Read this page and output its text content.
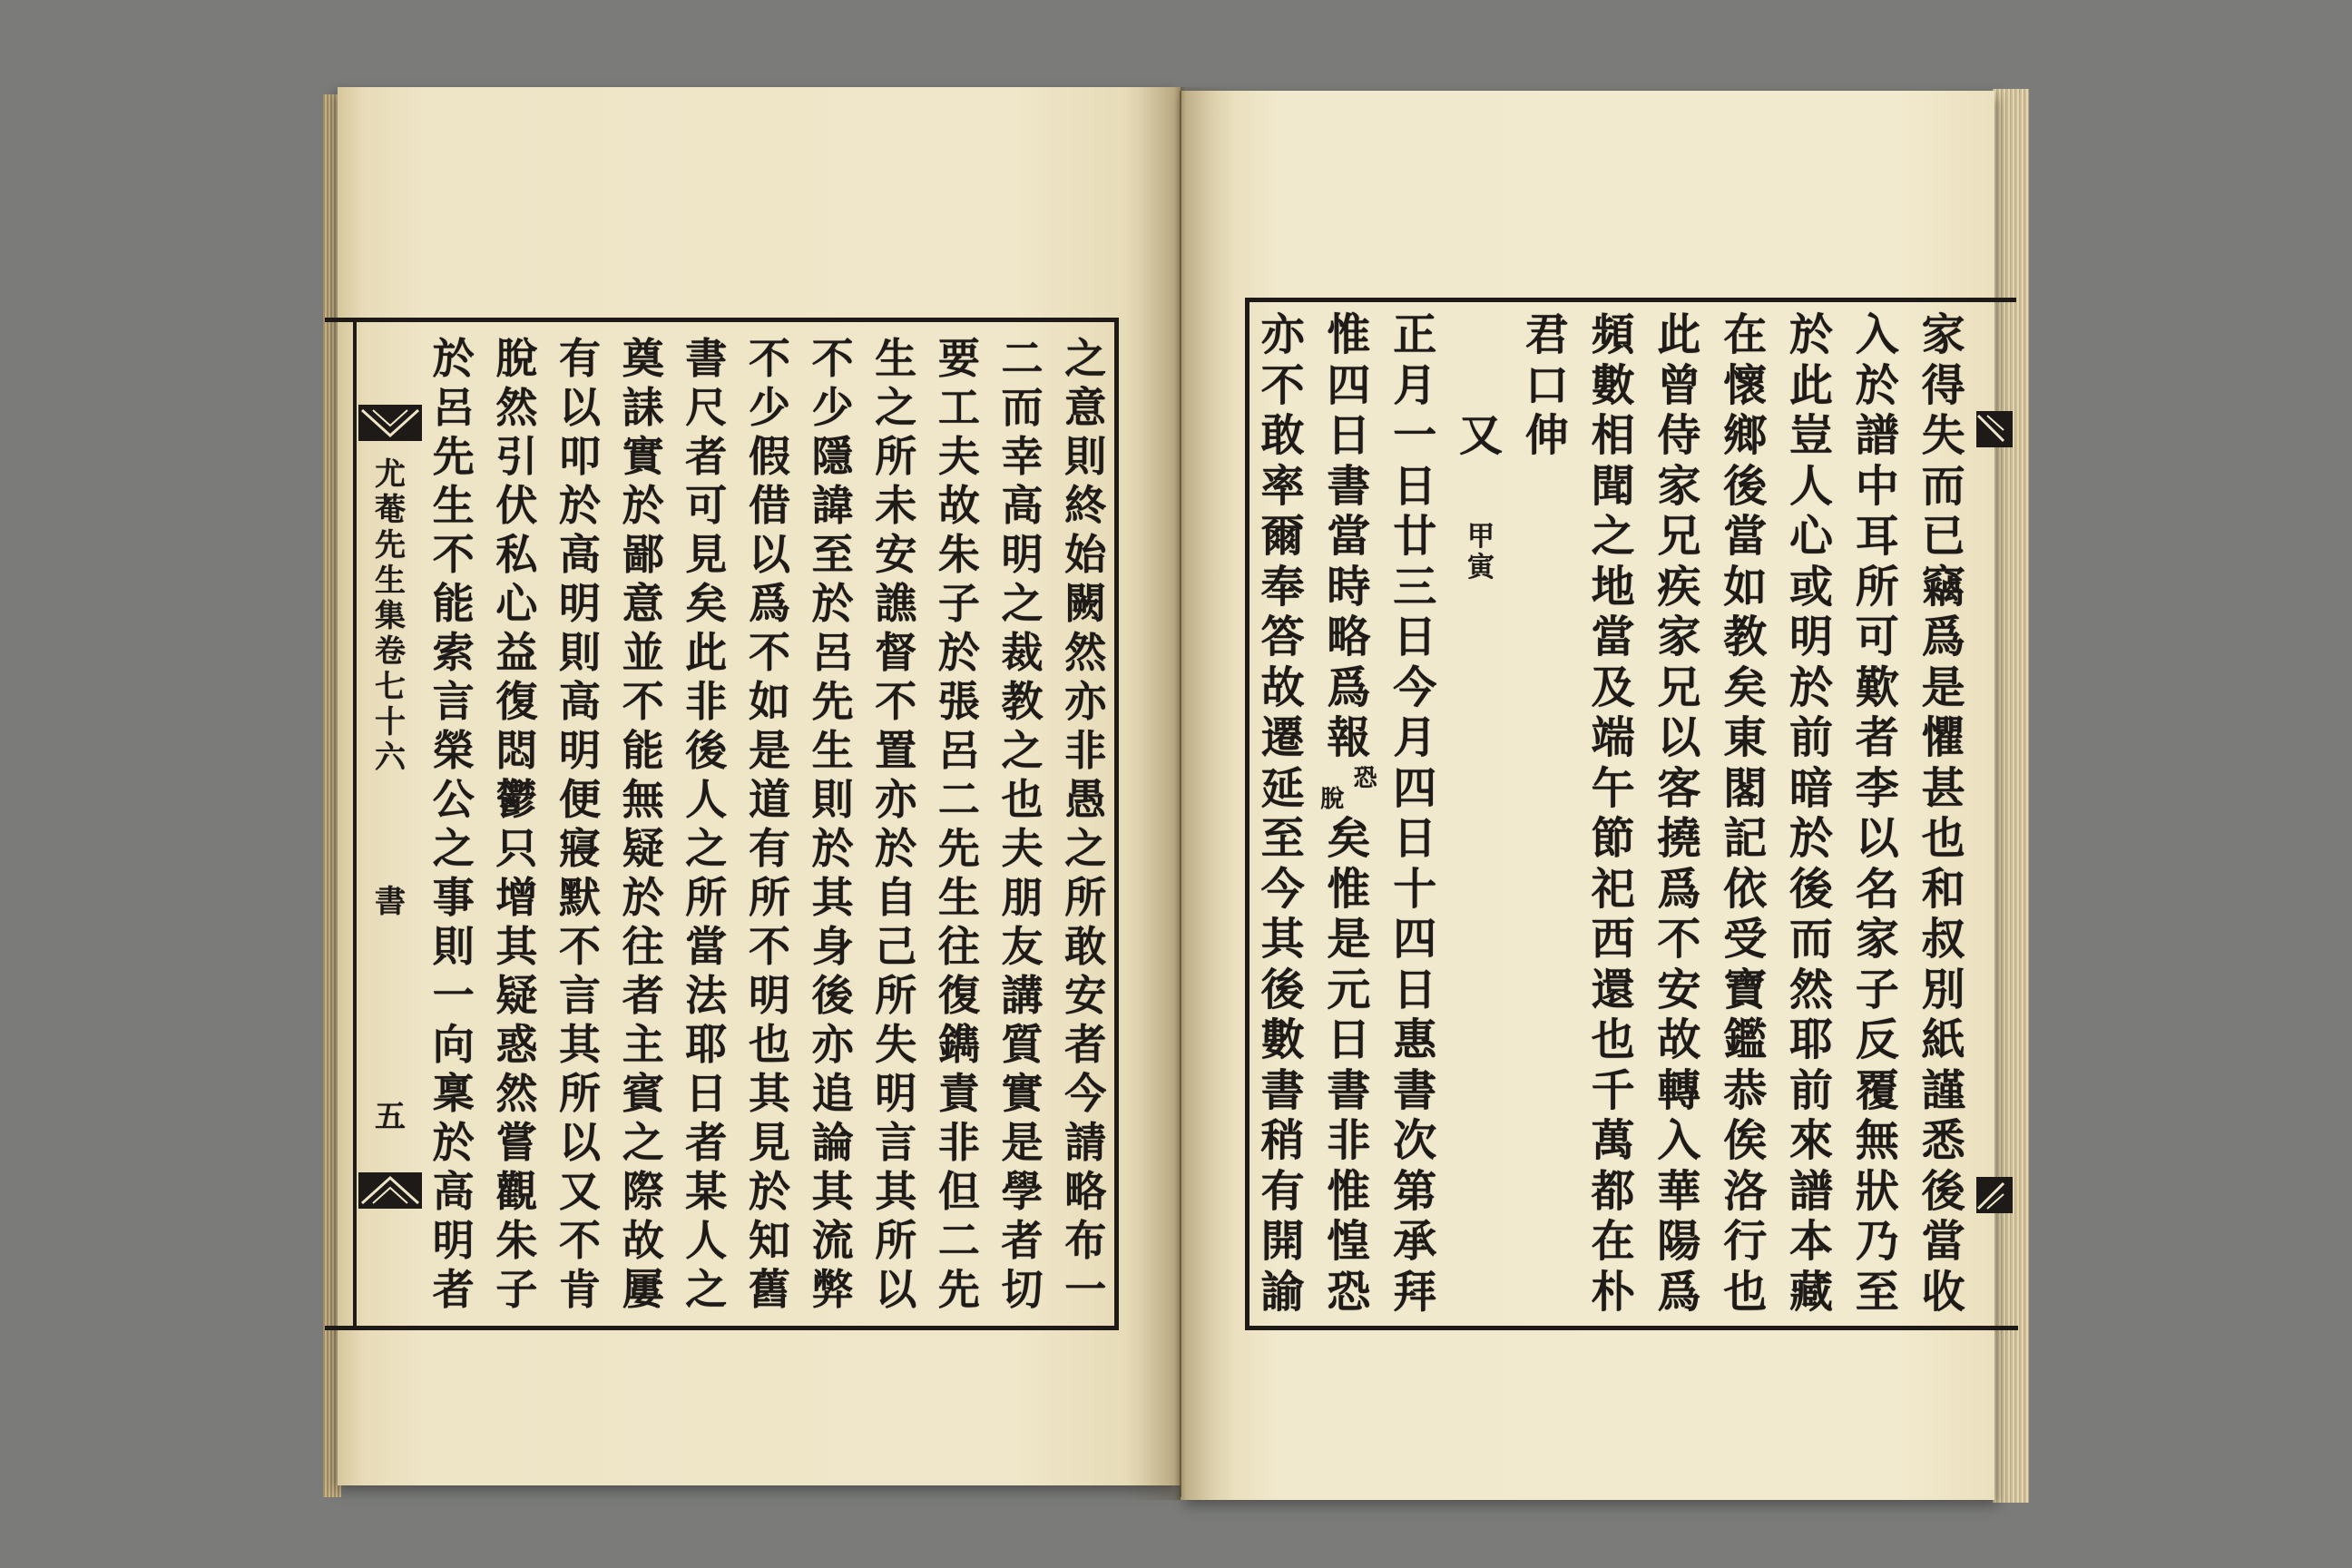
尤
菴
先
生
集
卷
七
十
六
書
五
之
意
則
終
始
闕
然
亦
非
愚
之
所
敢
安
者
今
請
略
布
一
二
而
幸
高
明
之
裁
教
之
也
夫
朋
友
講
質
實
是
學
者
切
要
工
夫
故
朱
子
於
張
呂
二
先
生
往
復
鐫
責
非
但
二
先
生
之
所
未
安
譙
督
不
置
亦
於
自
己
所
失
明
言
其
所
以
不
少
隱
諱
至
於
呂
先
生
則
於
其
身
後
亦
追
論
其
流
弊
不
少
假
借
以
爲
不
如
是
道
有
所
不
明
也
其
見
於
知
舊
書
尺
者
可
見
矣
此
非
後
人
之
所
當
法
耶
日
者
某
人
之
奠
誄
實
於
鄙
意
並
不
能
無
疑
於
往
者
主
賓
之
際
故
屢
有
以
叩
於
高
明
則
高
明
便
寢
默
不
言
其
所
以
又
不
肯
脫
然
引
伏
私
心
益
復
悶
鬱
只
增
其
疑
惑
然
嘗
觀
朱
子
於
呂
先
生
不
能
索
言
榮
公
之
事
則
一
向
稟
於
高
明
者
家
得
失
而
已
竊
爲
是
懼
甚
也
和
叔
別
紙
謹
悉
後
當
收
入
於
譜
中
耳
所
可
歎
者
李
以
名
家
子
反
覆
無
狀
乃
至
於
此
豈
人
心
或
明
於
前
暗
於
後
而
然
耶
前
來
譜
本
藏
在
懷
鄉
後
當
如
教
矣
東
閣
記
依
受
寶
鑑
恭
俟
洛
行
也
此
曾
侍
家
兄
疾
家
兄
以
客
撓
爲
不
安
故
轉
入
華
陽
爲
頻
數
相
聞
之
地
當
及
端
午
節
祀
西
還
也
千
萬
都
在
朴
君
口
伸
又
甲
寅
正
月
一
日
廿
三
日
今
月
四
日
十
四
日
惠
書
次
第
承
拜
惟
四
日
書
當
時
略
爲
報
恐
脫
矣
惟
是
元
日
書
非
惟
惶
恐
亦
不
敢
率
爾
奉
答
故
遷
延
至
今
其
後
數
書
稍
有
開
諭
